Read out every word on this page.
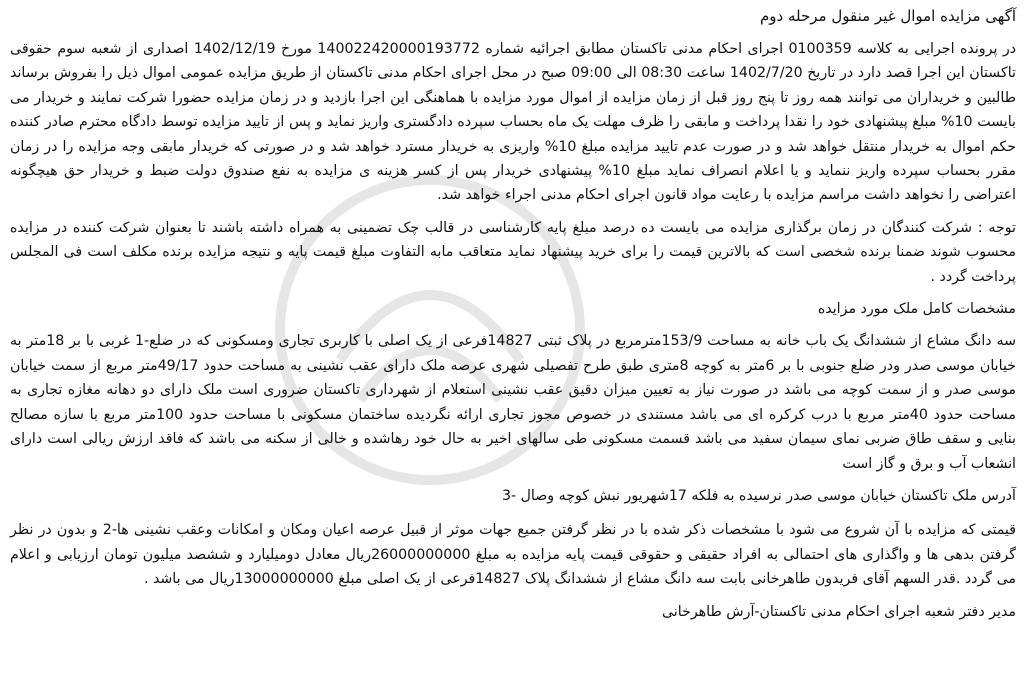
آگهی مزایده اموال غیر منقول مرحله دوم
در پرونده اجرایی به کلاسه 0100359 اجرای احکام مدنی تاکستان مطابق اجرائیه شماره 140022420000193772 مورخ 1402/12/19 اصداری از شعبه سوم حقوقی تاکستان این اجرا قصد دارد در تاریخ 1402/7/20 ساعت 08:30 الی 09:00 صبح در محل اجرای احکام مدنی تاکستان از طریق مزایده عمومی اموال ذیل را بفروش برساند طالبین و خریداران می توانند همه روز تا پنج روز قبل از زمان مزایده از اموال مورد مزایده با هماهنگی این اجرا بازدید و در زمان مزایده حضورا شرکت نمایند و خریدار می بایست 10% مبلغ پیشنهادی خود را نقدا پرداخت و مابقی را ظرف مهلت یک ماه بحساب سپرده دادگستری واریز نماید و پس از تایید مزایده توسط دادگاه محترم صادر کننده حکم اموال به خریدار منتقل خواهد شد و در صورت عدم تایید مزایده مبلغ 10% واریزی به خریدار مسترد خواهد شد و در صورتی که خریدار مابقی وجه مزایده را در زمان مقرر بحساب سپرده واریز ننماید و یا اعلام انصراف نماید مبلغ 10% پیشنهادی خریدار پس از کسر هزینه ی مزایده به نفع صندوق دولت ضبط و خریدار حق هیچگونه اعتراضی را نخواهد داشت مراسم مزایده با رعایت مواد قانون اجرای احکام مدنی اجراء خواهد شد.
توجه : شرکت کنندگان در زمان برگذاری مزایده می بایست ده درصد مبلغ پایه کارشناسی در قالب چک تضمینی به همراه داشته باشند تا بعنوان شرکت کننده در مزایده محسوب شوند ضمنا برنده شخصی است که بالاترین قیمت را برای خرید پیشنهاد نماید متعاقب مابه التفاوت مبلغ قیمت پایه و نتیجه مزایده برنده مکلف است فی المجلس پرداخت گردد .
مشخصات کامل ملک مورد مزایده
سه دانگ مشاع از ششدانگ یک باب خانه به مساحت 153/9مترمربع در پلاک ثبتی 14827فرعی از یک اصلی با کاربری تجاری ومسکونی که در ضلع-1 غربی با بر 18متر به خیابان موسی صدر ودر ضلع جنوبی با بر 6متر به کوچه 8متری طبق طرح تفصیلی شهری عرصه ملک دارای عقب نشینی به مساحت حدود 49/17متر مربع از سمت خیابان موسی صدر و از سمت کوچه می باشد در صورت نیاز به تعیین میزان دقیق عقب نشینی استعلام از شهرداری تاکستان ضروری است ملک دارای دو دهانه مغازه تجاری به مساحت حدود 40متر مربع با درب کرکره ای می باشد مستندی در خصوص مجوز تجاری ارائه نگردیده ساختمان مسکونی با مساحت حدود 100متر مربع با سازه مصالح بنایی و سقف طاق ضربی نمای سیمان سفید می باشد قسمت مسکونی طی سالهای اخیر به حال خود رهاشده و خالی از سکنه می باشد که فاقد ارزش ریالی است دارای انشعاب آب و برق و گاز است
آدرس ملک تاکستان خیابان موسی صدر نرسیده به فلکه 17شهریور نبش کوچه وصال -3
قیمتی که مزایده با آن شروع می شود با مشخصات ذکر شده با در نظر گرفتن جمیع جهات موثر از قبیل عرصه اعیان ومکان و امکانات وعقب نشینی ها-2 و بدون در نظر گرفتن بدهی ها و واگذاری های احتمالی به افراد حقیقی و حقوقی قیمت پایه مزایده به مبلغ 26000000000ریال معادل دومیلیارد و ششصد میلیون تومان ارزیابی و اعلام می گردد .قدر السهم آقای فریدون طاهرخانی بابت سه دانگ مشاع از ششدانگ پلاک 14827فرعی از یک اصلی مبلغ 13000000000ریال می باشد .
مدیر دفتر شعبه اجرای احکام مدنی تاکستان-آرش طاهرخانی
